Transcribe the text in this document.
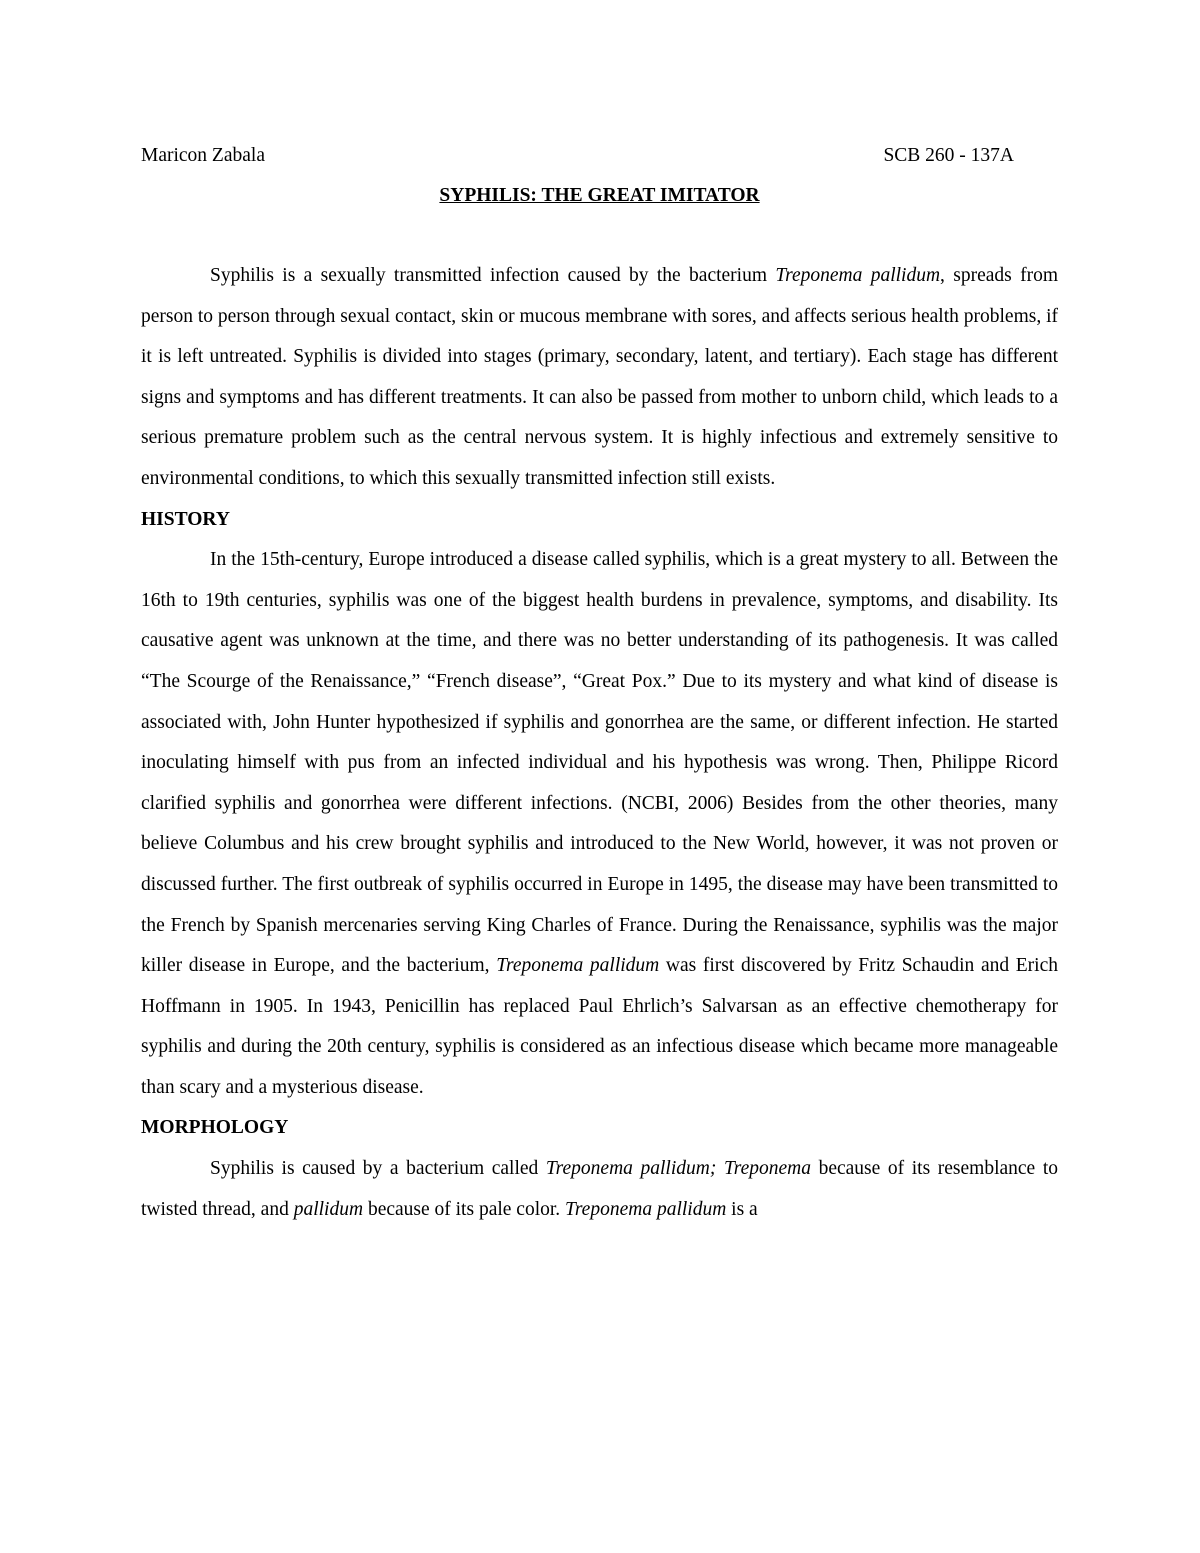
Maricon Zabala	SCB 260 - 137A
SYPHILIS: THE GREAT IMITATOR

Syphilis is a sexually transmitted infection caused by the bacterium Treponema pallidum, spreads from person to person through sexual contact, skin or mucous membrane with sores, and affects serious health problems, if it is left untreated. Syphilis is divided into stages (primary, secondary, latent, and tertiary). Each stage has different signs and symptoms and has different treatments. It can also be passed from mother to unborn child, which leads to a serious premature problem such as the central nervous system. It is highly infectious and extremely sensitive to environmental conditions, to which this sexually transmitted infection still exists.

HISTORY

In the 15th-century, Europe introduced a disease called syphilis, which is a great mystery to all. Between the 16th to 19th centuries, syphilis was one of the biggest health burdens in prevalence, symptoms, and disability. Its causative agent was unknown at the time, and there was no better understanding of its pathogenesis. It was called “The Scourge of the Renaissance,” “French disease”, “Great Pox.” Due to its mystery and what kind of disease is associated with, John Hunter hypothesized if syphilis and gonorrhea are the same, or different infection. He started inoculating himself with pus from an infected individual and his hypothesis was wrong. Then, Philippe Ricord clarified syphilis and gonorrhea were different infections. (NCBI, 2006) Besides from the other theories, many believe Columbus and his crew brought syphilis and introduced to the New World, however, it was not proven or discussed further. The first outbreak of syphilis occurred in Europe in 1495, the disease may have been transmitted to the French by Spanish mercenaries serving King Charles of France. During the Renaissance, syphilis was the major killer disease in Europe, and the bacterium, Treponema pallidum was first discovered by Fritz Schaudin and Erich Hoffmann in 1905. In 1943, Penicillin has replaced Paul Ehrlich’s Salvarsan as an effective chemotherapy for syphilis and during the 20th century, syphilis is considered as an infectious disease which became more manageable than scary and a mysterious disease.

MORPHOLOGY

Syphilis is caused by a bacterium called Treponema pallidum; Treponema because of its resemblance to twisted thread, and pallidum because of its pale color. Treponema pallidum is a
